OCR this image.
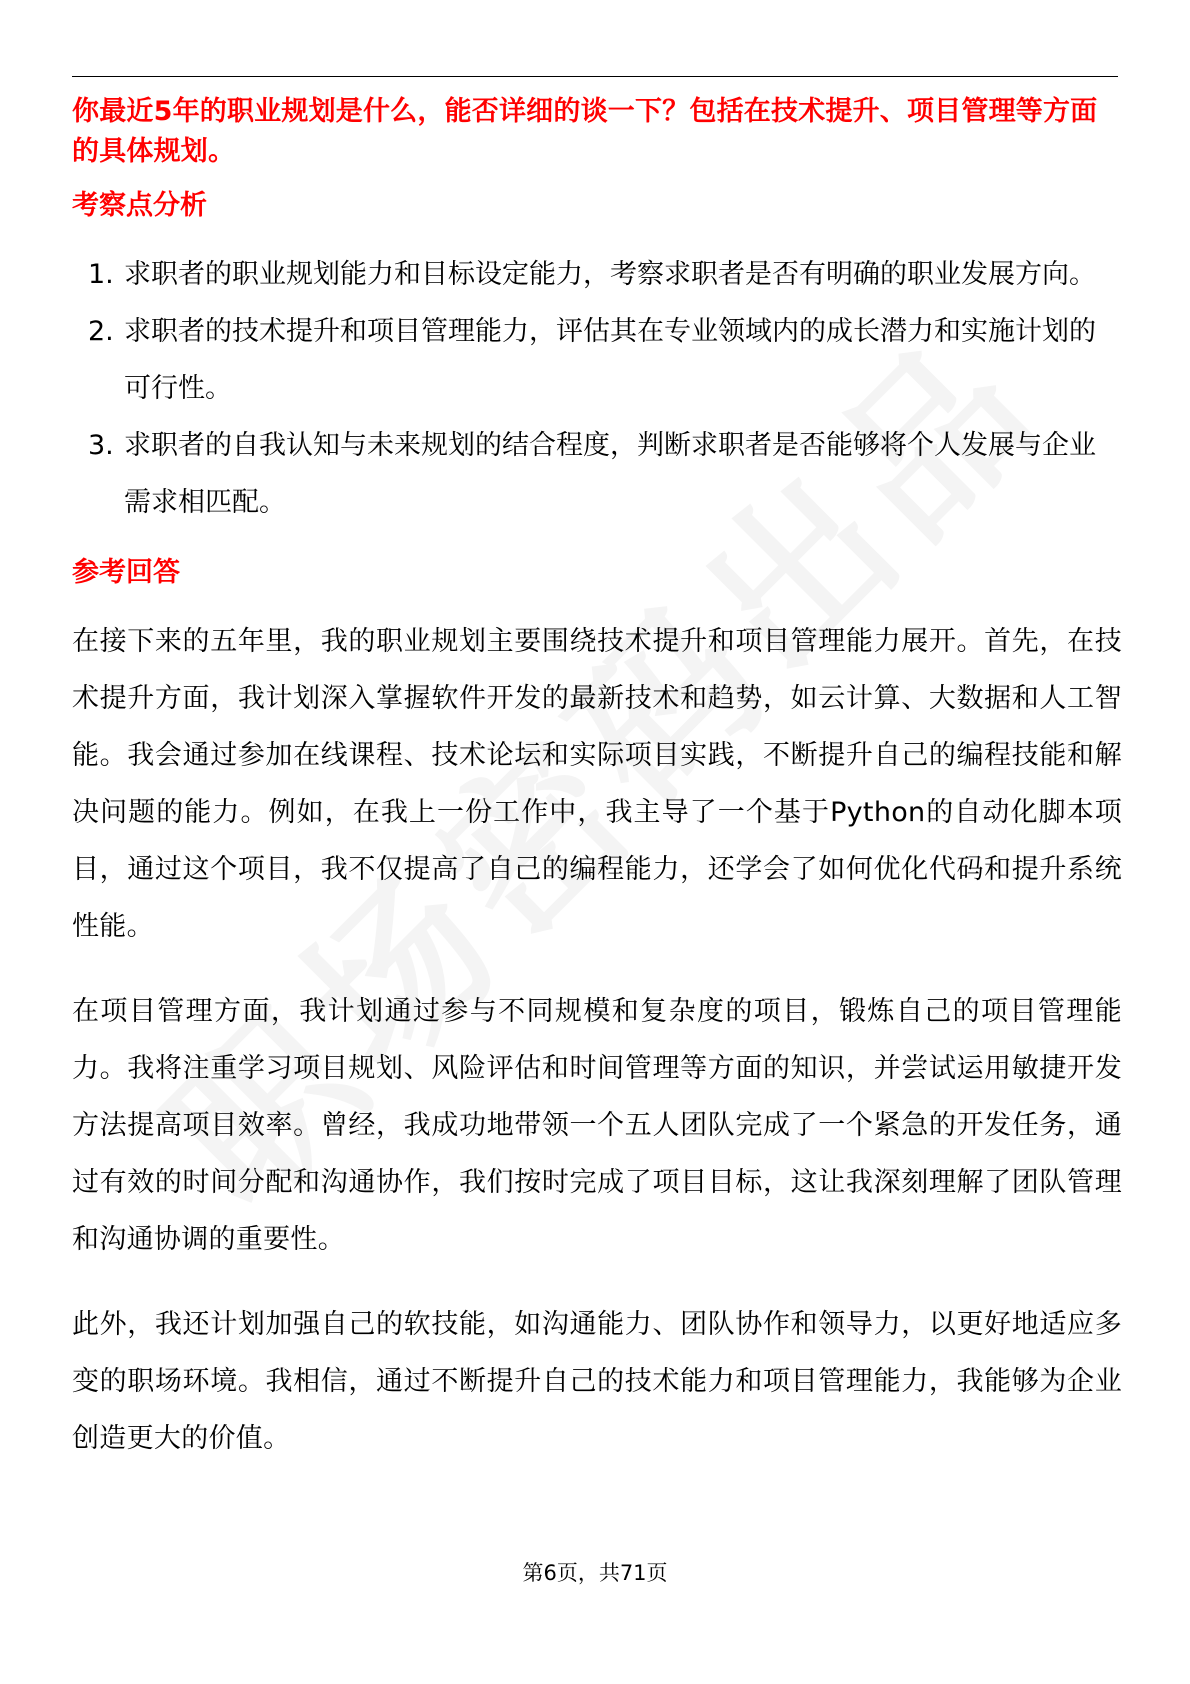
你最近5年的职业规划是什么，能否详细的谈一下？包括在技术提升、项目管理等方面的具体规划。

考察点分析
1. 求职者的职业规划能力和目标设定能力，考察求职者是否有明确的职业发展方向。
2. 求职者的技术提升和项目管理能力，评估其在专业领域内的成长潜力和实施计划的可行性。
3. 求职者的自我认知与未来规划的结合程度，判断求职者是否能够将个人发展与企业需求相匹配。
参考回答

在接下来的五年里，我的职业规划主要围绕技术提升和项目管理能力展开。首先，在技术提升方面，我计划深入掌握软件开发的最新技术和趋势，如云计算、大数据和人工智能。我会通过参加在线课程、技术论坛和实际项目实践，不断提升自己的编程技能和解决问题的能力。例如，在我上一份工作中，我主导了一个基于Python的自动化脚本项目，通过这个项目，我不仅提高了自己的编程能力，还学会了如何优化代码和提升系统性能。

在项目管理方面，我计划通过参与不同规模和复杂度的项目，锻炼自己的项目管理能力。我将注重学习项目规划、风险评估和时间管理等方面的知识，并尝试运用敏捷开发方法提高项目效率。曾经，我成功地带领一个五人团队完成了一个紧急的开发任务，通过有效的时间分配和沟通协作，我们按时完成了项目目标，这让我深刻理解了团队管理和沟通协调的重要性。

此外，我还计划加强自己的软技能，如沟通能力、团队协作和领导力，以更好地适应多变的职场环境。我相信，通过不断提升自己的技术能力和项目管理能力，我能够为企业创造更大的价值。

第6页，共71页
